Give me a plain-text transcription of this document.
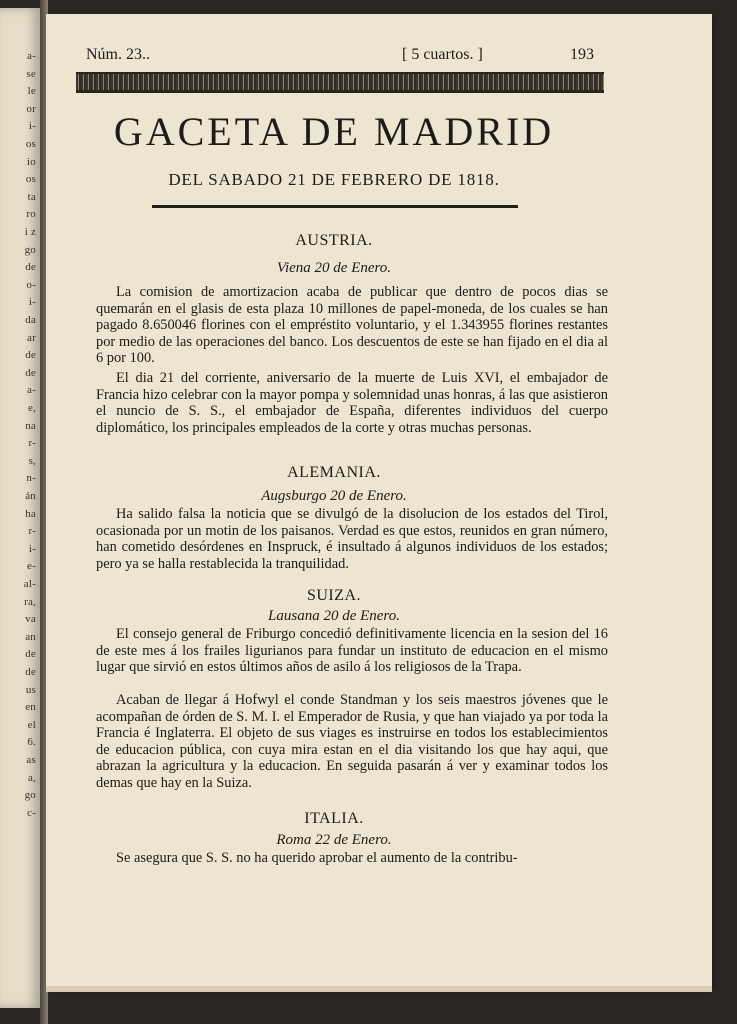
a-
se
le
or
i-
os
io
os
ta
ro
i z
go
de
o-
i-
da
ar
de
de
a-
e,
na
r-
s,
n-
án
ha
r-
i-
e-
al-
ra,
va
an
de
de
us
en
el
6.
as
a,
go
c-
Núm. 23..	[ 5 cuartos. ]	193
GACETA DE MADRID
DEL SABADO 21 DE FEBRERO DE 1818.
AUSTRIA.
Viena 20 de Enero.

La comision de amortizacion acaba de publicar que dentro de pocos dias se quemarán en el glasis de esta plaza 10 millones de papel-moneda, de los cuales se han pagado 8.650046 florines con el empréstito voluntario, y el 1.343955 florines restantes por medio de las operaciones del banco. Los descuentos de este se han fijado en el dia al 6 por 100.

El dia 21 del corriente, aniversario de la muerte de Luis XVI, el embajador de Francia hizo celebrar con la mayor pompa y solemnidad unas honras, á las que asistieron el nuncio de S. S., el embajador de España, diferentes individuos del cuerpo diplomático, los principales empleados de la corte y otras muchas personas.

ALEMANIA.
Augsburgo 20 de Enero.

Ha salido falsa la noticia que se divulgó de la disolucion de los estados del Tirol, ocasionada por un motin de los paisanos. Verdad es que estos, reunidos en gran número, han cometido desórdenes en Inspruck, é insultado á algunos individuos de los estados; pero ya se halla restablecida la tranquilidad.

SUIZA.
Lausana 20 de Enero.

El consejo general de Friburgo concedió definitivamente licencia en la sesion del 16 de este mes á los frailes ligurianos para fundar un instituto de educacion en el mismo lugar que sirvió en estos últimos años de asilo á los religiosos de la Trapa.

Acaban de llegar á Hofwyl el conde Standman y los seis maestros jóvenes que le acompañan de órden de S. M. I. el Emperador de Rusia, y que han viajado ya por toda la Francia é Inglaterra. El objeto de sus viages es instruirse en todos los establecimientos de educacion pública, con cuya mira estan en el dia visitando los que hay aqui, que abrazan la agricultura y la educacion. En seguida pasarán á ver y examinar todos los demas que hay en la Suiza.

ITALIA.
Roma 22 de Enero.

Se asegura que S. S. no ha querido aprobar el aumento de la contribu-
